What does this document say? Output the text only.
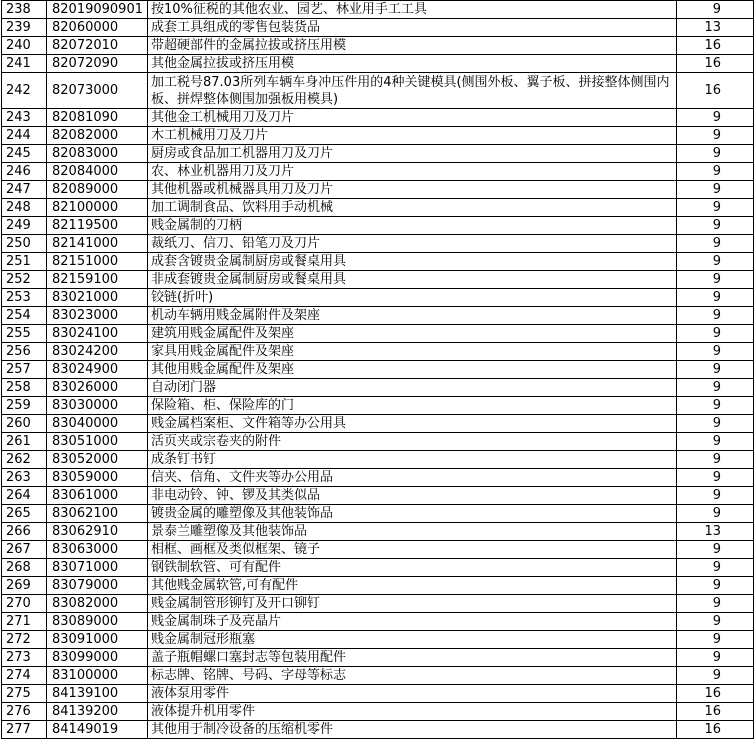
238	82019090901	按10%征税的其他农业、园艺、林业用手工工具	9
239	82060000	成套工具组成的零售包装货品	13
240	82072010	带超硬部件的金属拉拔或挤压用模	16
241	82072090	其他金属拉拔或挤压用模	16
242	82073000	加工税号87.03所列车辆车身冲压件用的4种关键模具(侧围外板、翼子板、拼接整体侧围内板、拼焊整体侧围加强板用模具)	16
243	82081090	其他金工机械用刀及刀片	9
244	82082000	木工机械用刀及刀片	9
245	82083000	厨房或食品加工机器用刀及刀片	9
246	82084000	农、林业机器用刀及刀片	9
247	82089000	其他机器或机械器具用刀及刀片	9
248	82100000	加工调制食品、饮料用手动机械	9
249	82119500	贱金属制的刀柄	9
250	82141000	裁纸刀、信刀、铅笔刀及刀片	9
251	82151000	成套含镀贵金属制厨房或餐桌用具	9
252	82159100	非成套镀贵金属制厨房或餐桌用具	9
253	83021000	铰链(折叶)	9
254	83023000	机动车辆用贱金属附件及架座	9
255	83024100	建筑用贱金属配件及架座	9
256	83024200	家具用贱金属配件及架座	9
257	83024900	其他用贱金属配件及架座	9
258	83026000	自动闭门器	9
259	83030000	保险箱、柜、保险库的门	9
260	83040000	贱金属档案柜、文件箱等办公用具	9
261	83051000	活页夹或宗卷夹的附件	9
262	83052000	成条钉书钉	9
263	83059000	信夹、信角、文件夹等办公用品	9
264	83061000	非电动铃、钟、锣及其类似品	9
265	83062100	镀贵金属的雕塑像及其他装饰品	9
266	83062910	景泰兰雕塑像及其他装饰品	13
267	83063000	相框、画框及类似框架、镜子	9
268	83071000	钢铁制软管、可有配件	9
269	83079000	其他贱金属软管,可有配件	9
270	83082000	贱金属制管形铆钉及开口铆钉	9
271	83089000	贱金属制珠子及亮晶片	9
272	83091000	贱金属制冠形瓶塞	9
273	83099000	盖子瓶帽螺口塞封志等包装用配件	9
274	83100000	标志牌、铭牌、号码、字母等标志	9
275	84139100	液体泵用零件	16
276	84139200	液体提升机用零件	16
277	84149019	其他用于制冷设备的压缩机零件	16
